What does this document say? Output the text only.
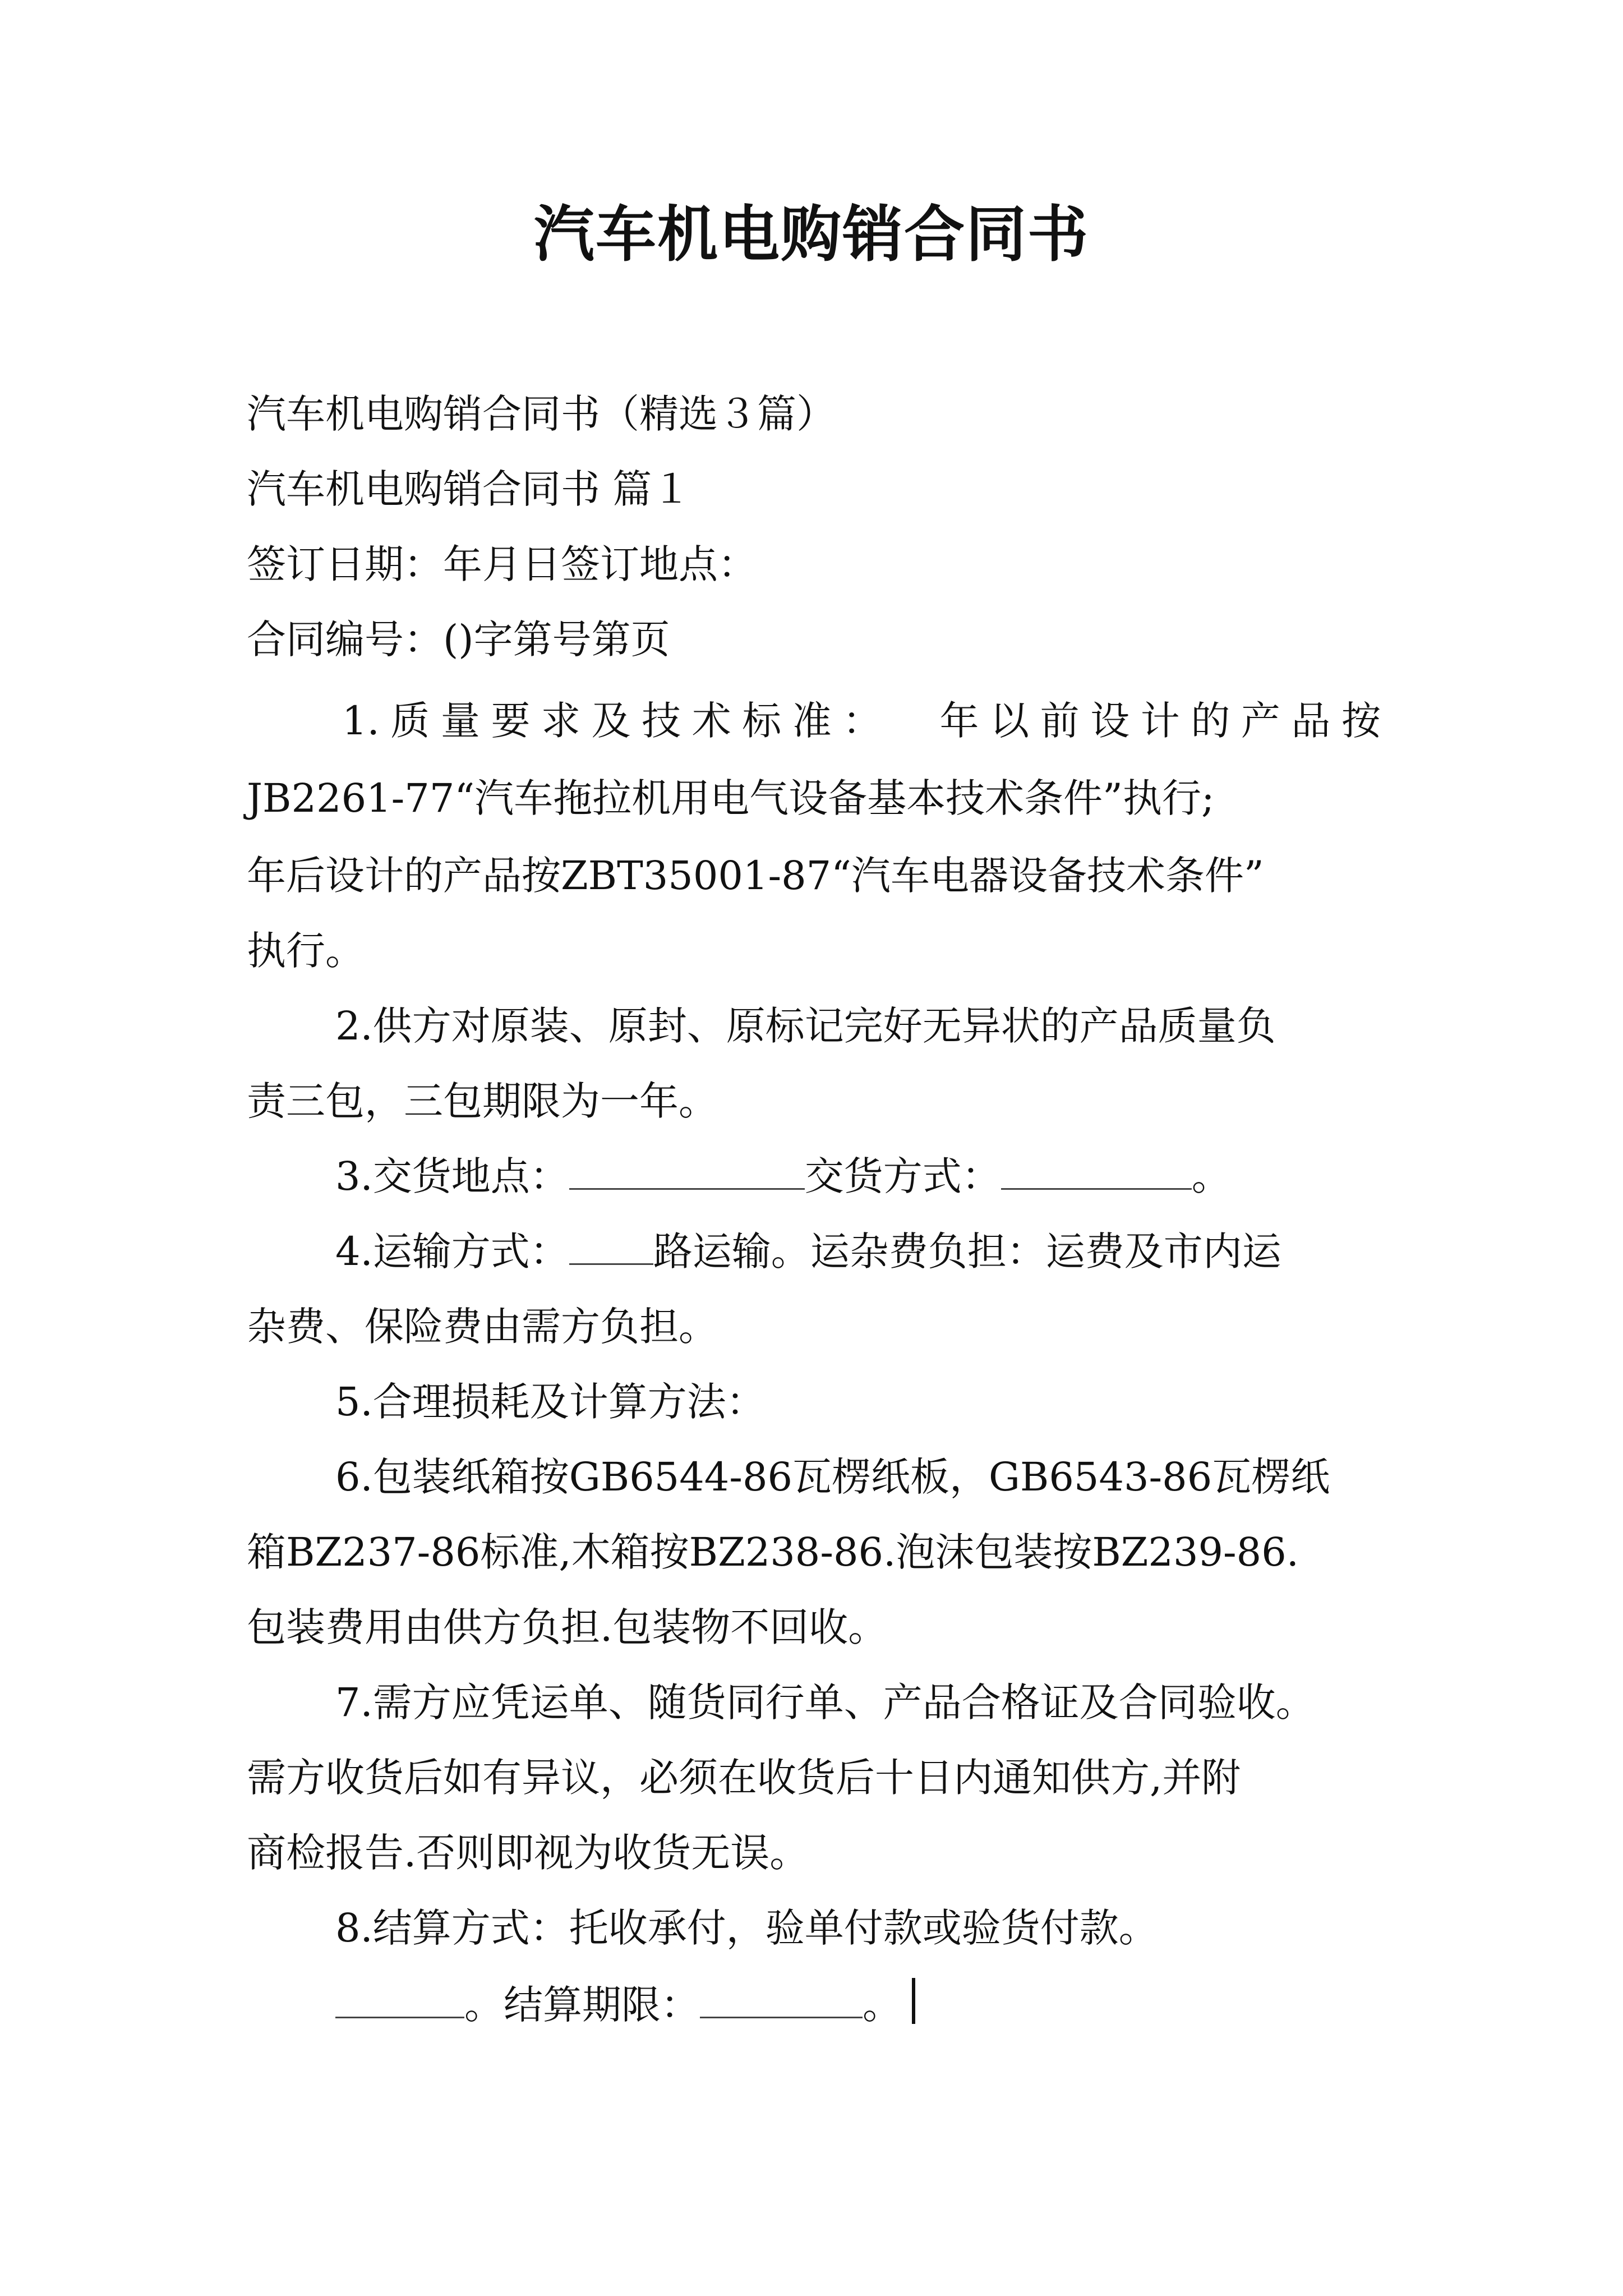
汽车机电购销合同书
汽车机电购销合同书（精选３篇）
汽车机电购销合同书 篇１
签订日期：年月日签订地点：
合同编号：()字第号第页
1.质量要求及技术标准：  年以前设计的产品按
JB2261-77“汽车拖拉机用电气设备基本技术条件”执行;
年后设计的产品按ZBT35001-87“汽车电器设备技术条件”
执行。
2.供方对原装、原封、原标记完好无异状的产品质量负
责三包，三包期限为一年。
3.交货地点：	交货方式：	。
4.运输方式： 路运输。运杂费负担：运费及市内运
杂费、保险费由需方负担。
5.合理损耗及计算方法：
6.包装纸箱按GB6544-86瓦楞纸板，GB6543-86瓦楞纸
箱BZ237-86标准,木箱按BZ238-86.泡沫包装按BZ239-86.
包装费用由供方负担.包装物不回收。
7.需方应凭运单、随货同行单、产品合格证及合同验收。
需方收货后如有异议，必须在收货后十日内通知供方,并附
商检报告.否则即视为收货无误。
8.结算方式：托收承付，验单付款或验货付款。
。结算期限：	。
